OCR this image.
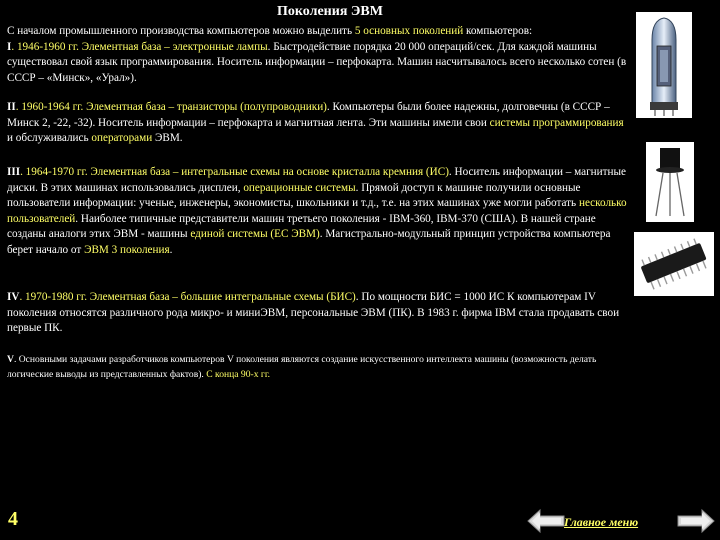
Поколения ЭВМ
С началом промышленного производства компьютеров можно выделить 5 основных поколений компьютеров:
I. 1946-1960 гг. Элементная база – электронные лампы. Быстродействие порядка 20 000 операций/сек. Для каждой машины существовал свой язык программирования. Носитель информации – перфокарта. Машин насчитывалось всего несколько сотен (в СССР – «Минск», «Урал»).
II. 1960-1964 гг. Элементная база – транзисторы (полупроводники). Компьютеры были более надежны, долговечны (в СССР – Минск 2, -22, -32). Носитель информации – перфокарта и магнитная лента. Эти машины имели свои системы программирования и обслуживались операторами ЭВМ.
III. 1964-1970 гг. Элементная база – интегральные схемы на основе кристалла кремния (ИС). Носитель информации – магнитные диски. В этих машинах использовались дисплеи, операционные системы. Прямой доступ к машине получили основные пользователи информации: ученые, инженеры, экономисты, школьники и т.д., т.е. на этих машинах уже могли работать несколько пользователей. Наиболее типичные представители машин третьего поколения - IBM-360, IBM-370 (США). В нашей стране созданы аналоги этих ЭВМ - машины единой системы (ЕС ЭВМ). Магистрально-модульный принцип устройства компьютера берет начало от ЭВМ 3 поколения.
IV. 1970-1980 гг. Элементная база – большие интегральные схемы (БИС). По мощности БИС = 1000 ИС К компьютерам IV поколения относятся различного рода микро- и миниЭВМ, персональные ЭВМ (ПК). В 1983 г. фирма IBM стала продавать свои первые ПК.
V. Основными задачами разработчиков компьютеров V поколения являются создание искусственного интеллекта машины (возможность делать логические выводы из представленных фактов). С конца 90-х гг.
4	Главное меню
